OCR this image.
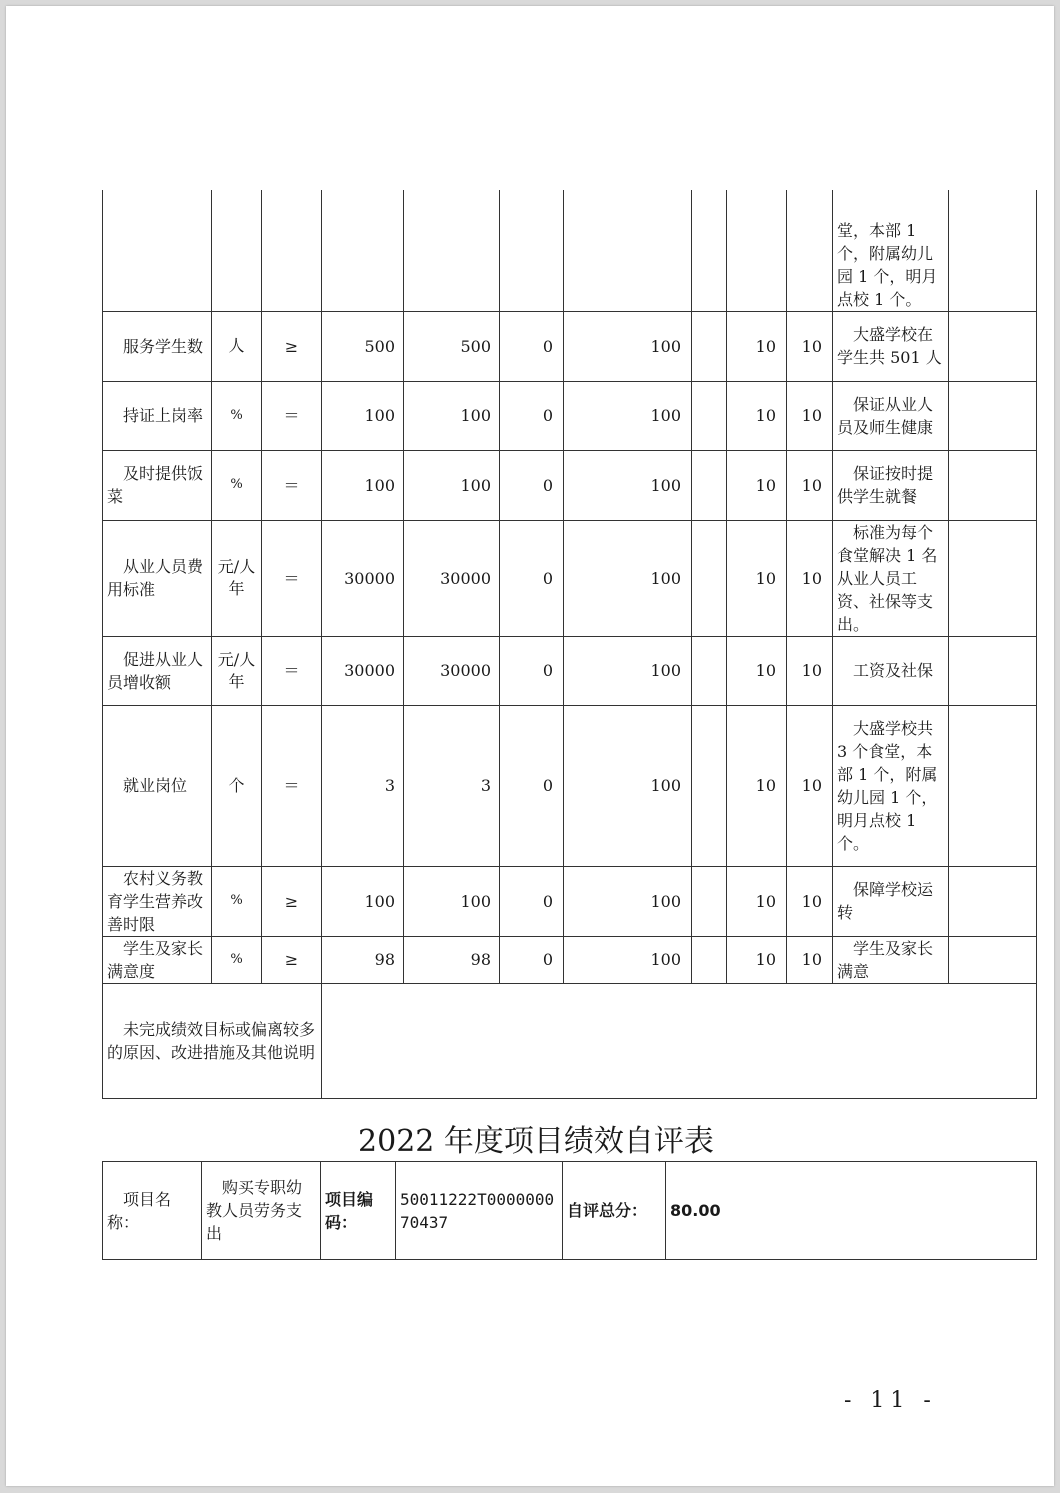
										堂，本部 1 个，附属幼儿园 1 个，明月点校 1 个。	
服务学生数	人	≥	500	500	0	100		10	10	大盛学校在学生共 501 人	
持证上岗率	%	＝	100	100	0	100		10	10	保证从业人员及师生健康	
及时提供饭菜	%	＝	100	100	0	100		10	10	保证按时提供学生就餐	
从业人员费用标准	元/人年	＝	30000	30000	0	100		10	10	标准为每个食堂解决 1 名从业人员工资、社保等支出。	
促进从业人员增收额	元/人年	＝	30000	30000	0	100		10	10	工资及社保	
就业岗位	个	＝	3	3	0	100		10	10	大盛学校共 3 个食堂，本部 1 个，附属幼儿园 1 个，明月点校 1 个。	
农村义务教育学生营养改善时限	%	≥	100	100	0	100		10	10	保障学校运转	
学生及家长满意度	%	≥	98	98	0	100		10	10	学生及家长满意	
未完成绩效目标或偏离较多的原因、改进措施及其他说明											
2022 年度项目绩效自评表
项目名称：	购买专职幼教人员劳务支出	项目编码：	50011222T000000070437	自评总分：	80.00
- 11 -
